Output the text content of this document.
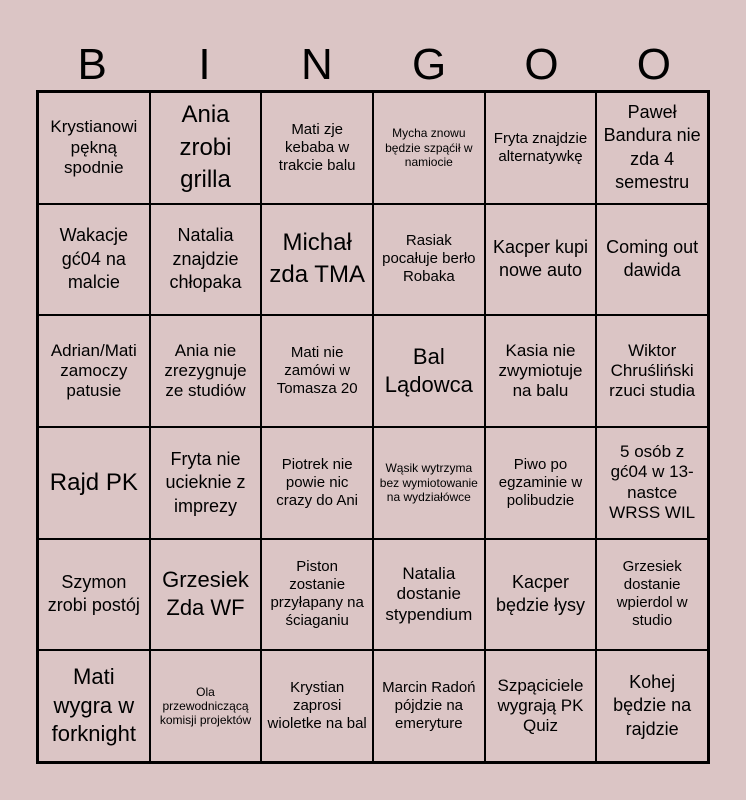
B	I	N	G	O	O
Krystianowi pękną spodnie
Ania zrobi grilla
Mati zje kebaba w trakcie balu
Mycha znowu będzie szpąćił w namiocie
Fryta znajdzie alternatywkę
Paweł Bandura nie zda 4 semestru
Wakacje gć04 na malcie
Natalia znajdzie chłopaka
Michał zda TMA
Rasiak pocałuje berło Robaka
Kacper kupi nowe auto
Coming out dawida
Adrian/Mati zamoczy patusie
Ania nie zrezygnuje ze studiów
Mati nie zamówi w Tomasza 20
Bal Lądowca
Kasia nie zwymiotuje na balu
Wiktor Chruśliński rzuci studia
Rajd PK
Fryta nie ucieknie z imprezy
Piotrek nie powie nic crazy do Ani
Wąsik wytrzyma bez wymiotowanie na wydziałówce
Piwo po egzaminie w polibudzie
5 osób z gć04 w 13-nastce WRSS WIL
Szymon zrobi postój
Grzesiek Zda WF
Piston zostanie przyłapany na ściaganiu
Natalia dostanie stypendium
Kacper będzie łysy
Grzesiek dostanie wpierdol w studio
Mati wygra w forknight
Ola przewodniczącą komisji projektów
Krystian zaprosi wioletke na bal
Marcin Radoń pójdzie na emeryture
Szpąciciele wygrają PK Quiz
Kohej będzie na rajdzie
